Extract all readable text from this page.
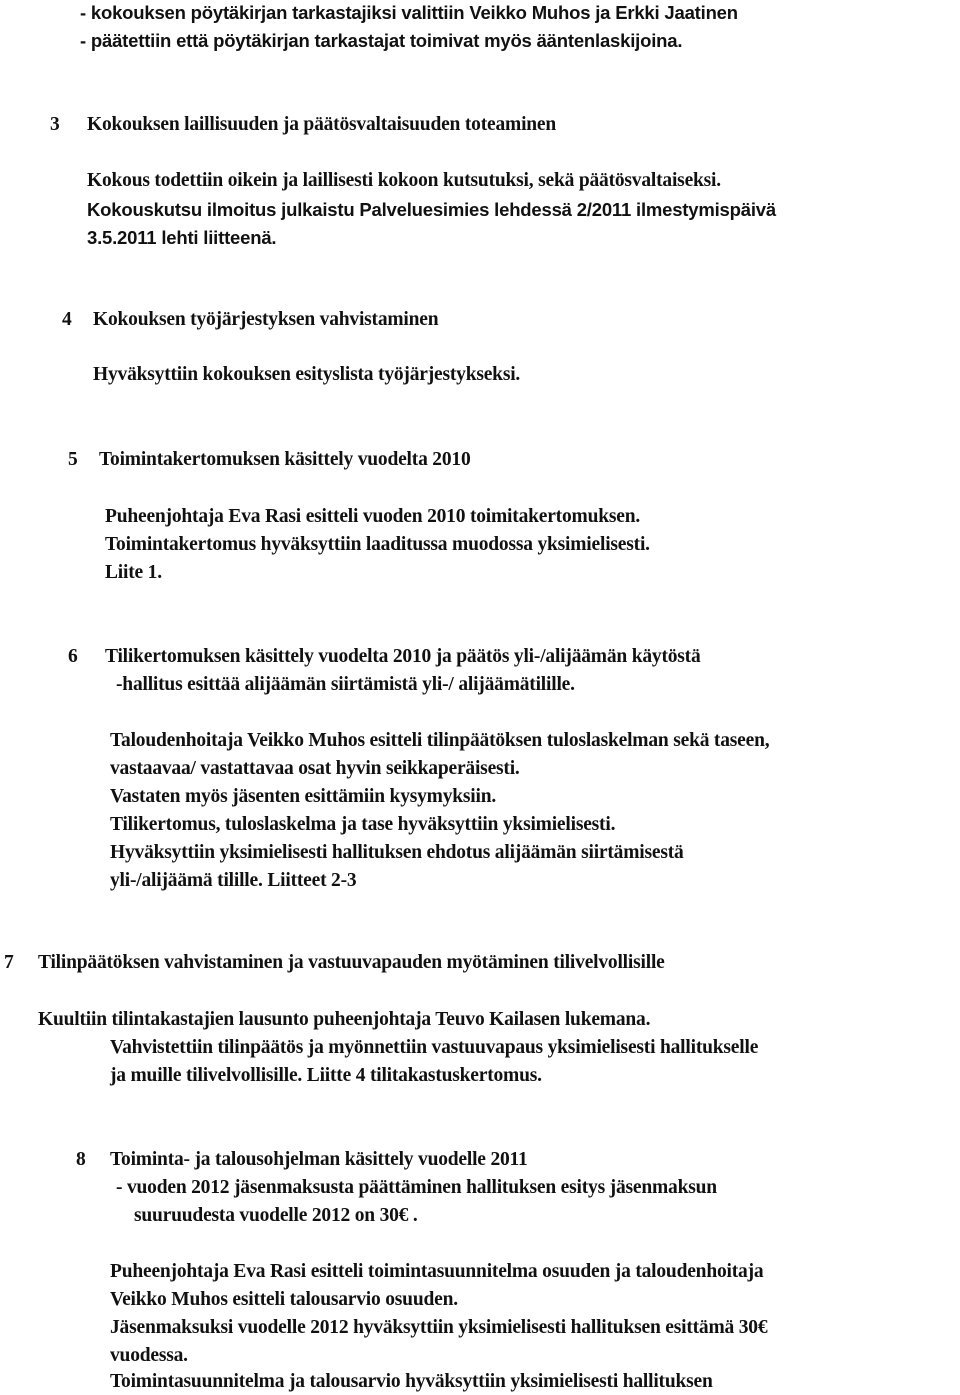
- kokouksen pöytäkirjan tarkastajiksi valittiin Veikko Muhos ja Erkki Jaatinen
- päätettiin että pöytäkirjan tarkastajat toimivat myös ääntenlaskijoina.
3 Kokouksen laillisuuden ja päätösvaltaisuuden toteaminen
Kokous todettiin oikein ja laillisesti kokoon kutsutuksi, sekä päätösvaltaiseksi.
Kokouskutsu ilmoitus julkaistu Palveluesimies lehdessä 2/2011 ilmestymispäivä
3.5.2011 lehti liitteenä.
4 Kokouksen työjärjestyksen vahvistaminen
Hyväksyttiin kokouksen esityslista työjärjestykseksi.
5 Toimintakertomuksen käsittely vuodelta 2010
Puheenjohtaja Eva Rasi esitteli vuoden 2010 toimitakertomuksen.
Toimintakertomus hyväksyttiin laaditussa muodossa yksimielisesti.
Liite 1.
6 Tilikertomuksen käsittely vuodelta 2010 ja päätös yli-/alijäämän käytöstä
-hallitus esittää alijäämän siirtämistä yli-/ alijäämätilille.
Taloudenhoitaja Veikko Muhos esitteli tilinpäätöksen tuloslaskelman sekä taseen,
vastaavaa/ vastattavaa osat hyvin seikkaperäisesti.
Vastaten myös jäsenten esittämiin kysymyksiin.
Tilikertomus, tuloslaskelma ja tase hyväksyttiin yksimielisesti.
Hyväksyttiin yksimielisesti hallituksen ehdotus alijäämän siirtämisestä
yli-/alijäämä tilille. Liitteet 2-3
7 Tilinpäätöksen vahvistaminen ja vastuuvapauden myötäminen tilivelvollisille
Kuultiin tilintakastajien lausunto puheenjohtaja Teuvo Kailasen lukemana.
Vahvistettiin tilinpäätös ja myönnettiin vastuuvapaus yksimielisesti hallitukselle
ja muille tilivelvollisille. Liitte 4 tilitakastuskertomus.
8 Toiminta- ja talousohjelman käsittely vuodelle 2011
- vuoden 2012 jäsenmaksusta päättäminen hallituksen esitys jäsenmaksun
suuruudesta vuodelle 2012 on 30€ .
Puheenjohtaja Eva Rasi esitteli toimintasuunnitelma osuuden ja taloudenhoitaja
Veikko Muhos esitteli talousarvio osuuden.
Jäsenmaksuksi vuodelle 2012 hyväksyttiin yksimielisesti hallituksen esittämä 30€
vuodessa.
Toimintasuunnitelma ja talousarvio hyväksyttiin yksimielisesti hallituksen
